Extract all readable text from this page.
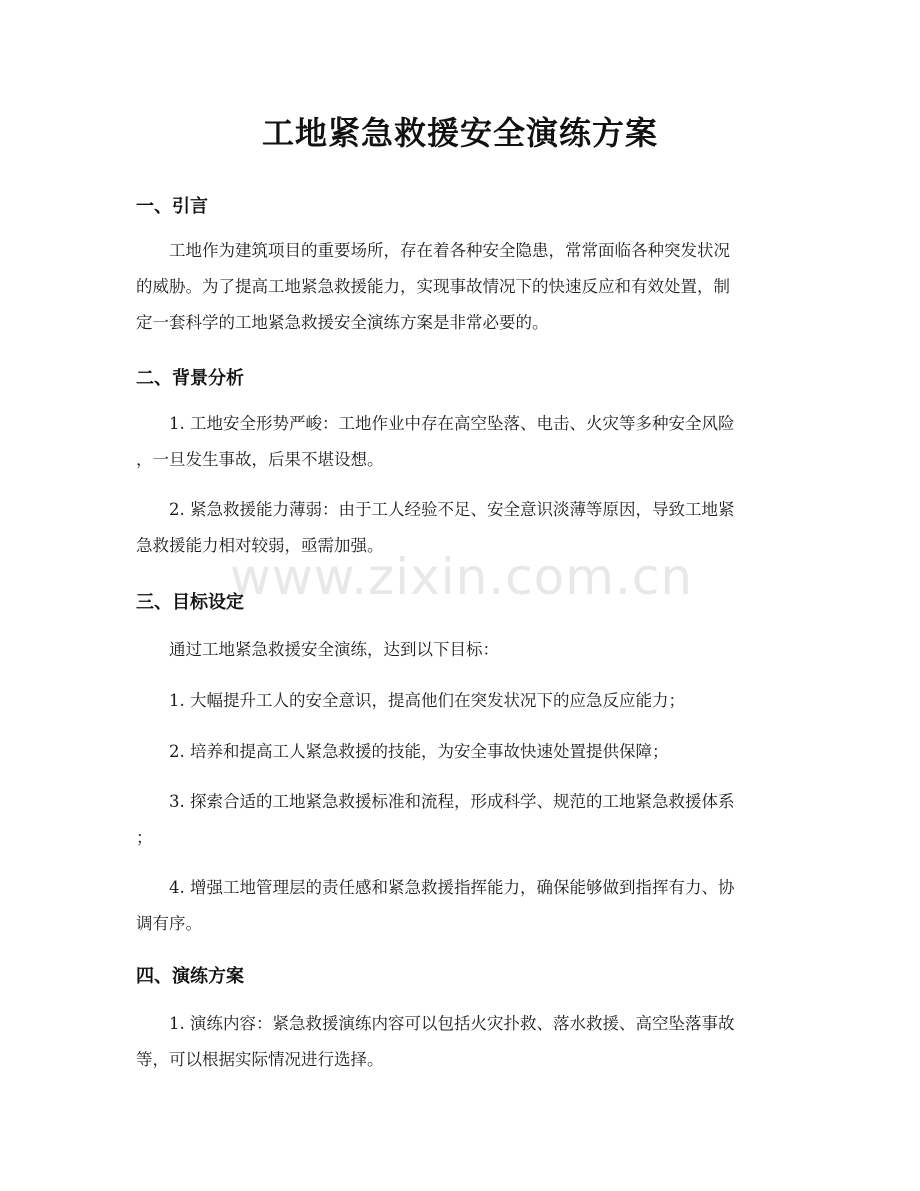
工地紧急救援安全演练方案
一、引言

工地作为建筑项目的重要场所，存在着各种安全隐患，常常面临各种突发状况
的威胁。为了提高工地紧急救援能力，实现事故情况下的快速反应和有效处置，制
定一套科学的工地紧急救援安全演练方案是非常必要的。

二、背景分析

1. 工地安全形势严峻：工地作业中存在高空坠落、电击、火灾等多种安全风险
，一旦发生事故，后果不堪设想。

2. 紧急救援能力薄弱：由于工人经验不足、安全意识淡薄等原因，导致工地紧
急救援能力相对较弱，亟需加强。

三、目标设定

通过工地紧急救援安全演练，达到以下目标：

1. 大幅提升工人的安全意识，提高他们在突发状况下的应急反应能力；

2. 培养和提高工人紧急救援的技能，为安全事故快速处置提供保障；

3. 探索合适的工地紧急救援标准和流程，形成科学、规范的工地紧急救援体系
；

4. 增强工地管理层的责任感和紧急救援指挥能力，确保能够做到指挥有力、协
调有序。

四、演练方案

1. 演练内容：紧急救援演练内容可以包括火灾扑救、落水救援、高空坠落事故
等，可以根据实际情况进行选择。

www.zixin.com.cn
